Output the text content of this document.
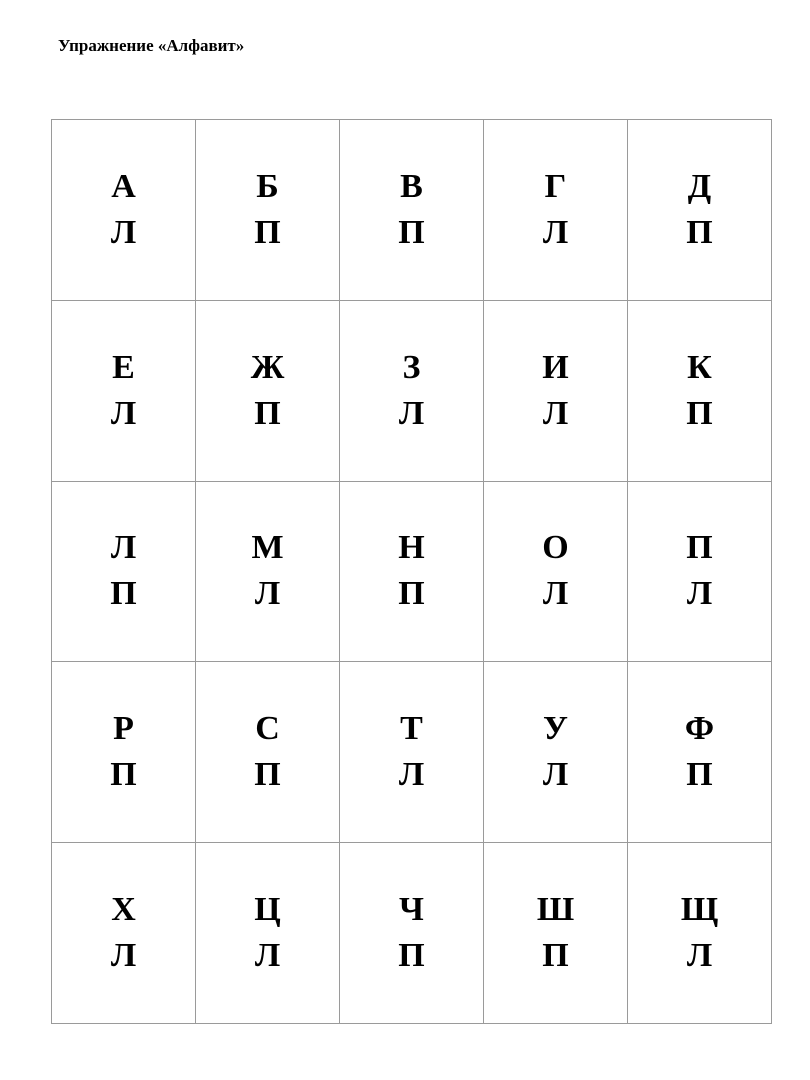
Упражнение «Алфавит»
А
Л
Б
П
В
П
Г
Л
Д
П
Е
Л
Ж
П
З
Л
И
Л
К
П
Л
П
М
Л
Н
П
О
Л
П
Л
Р
П
С
П
Т
Л
У
Л
Ф
П
Х
Л
Ц
Л
Ч
П
Ш
П
Щ
Л
